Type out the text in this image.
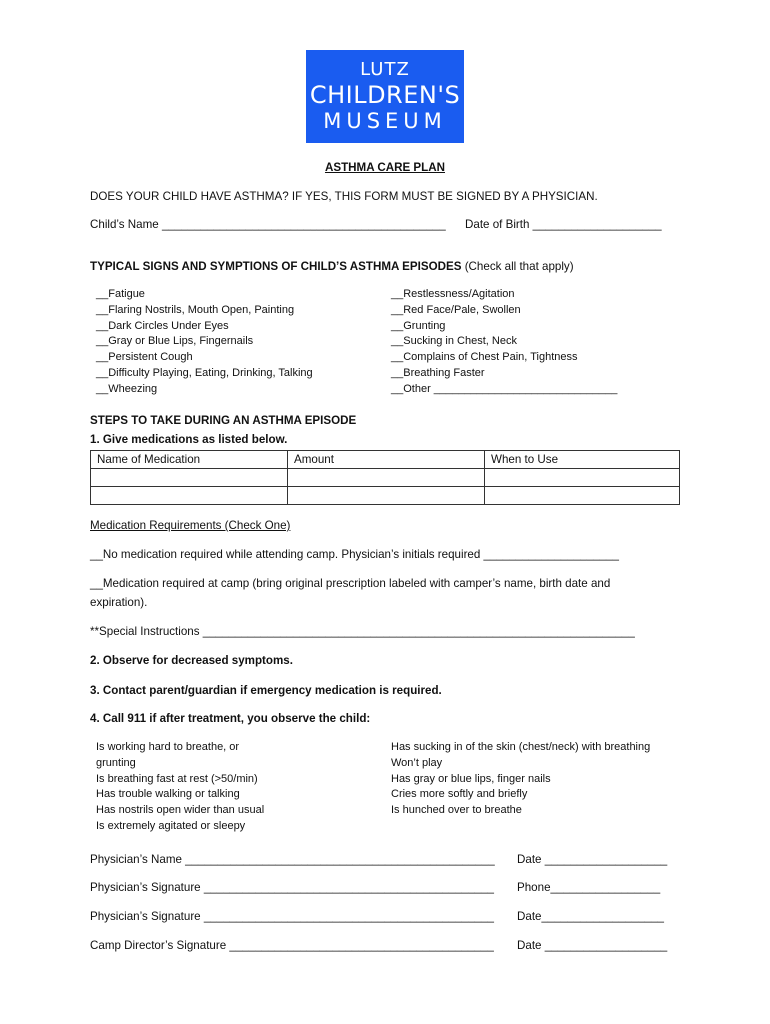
LUTZ
CHILDREN'S
MUSEUM
ASTHMA CARE PLAN
DOES YOUR CHILD HAVE ASTHMA? IF YES, THIS FORM MUST BE SIGNED BY A PHYSICIAN.
Child’s Name ____________________________________________ Date of Birth ____________________
TYPICAL SIGNS AND SYMPTIONS OF CHILD’S ASTHMA EPISODES (Check all that apply)
__Fatigue
__Flaring Nostrils, Mouth Open, Painting
__Dark Circles Under Eyes
__Gray or Blue Lips, Fingernails
__Persistent Cough
__Difficulty Playing, Eating, Drinking, Talking
__Wheezing
__Restlessness/Agitation
__Red Face/Pale, Swollen
__Grunting
__Sucking in Chest, Neck
__Complains of Chest Pain, Tightness
__Breathing Faster
__Other ______________________________
STEPS TO TAKE DURING AN ASTHMA EPISODE
1. Give medications as listed below.
Name of Medication	Amount	When to Use

Medication Requirements (Check One)
__No medication required while attending camp. Physician’s initials required _____________________
__Medication required at camp (bring original prescription labeled with camper’s name, birth date and
expiration).
**Special Instructions ___________________________________________________________________
2. Observe for decreased symptoms.
3. Contact parent/guardian if emergency medication is required.
4. Call 911 if after treatment, you observe the child:
Is working hard to breathe, or
grunting
Is breathing fast at rest (>50/min)
Has trouble walking or talking
Has nostrils open wider than usual
Is extremely agitated or sleepy
Has sucking in of the skin (chest/neck) with breathing
Won’t play
Has gray or blue lips, finger nails
Cries more softly and briefly
Is hunched over to breathe
Physician’s Name ________________________________________________ Date ___________________
Physician’s Signature _____________________________________________ Phone_________________
Physician’s Signature _____________________________________________ Date___________________
Camp Director’s Signature _________________________________________ Date ___________________
